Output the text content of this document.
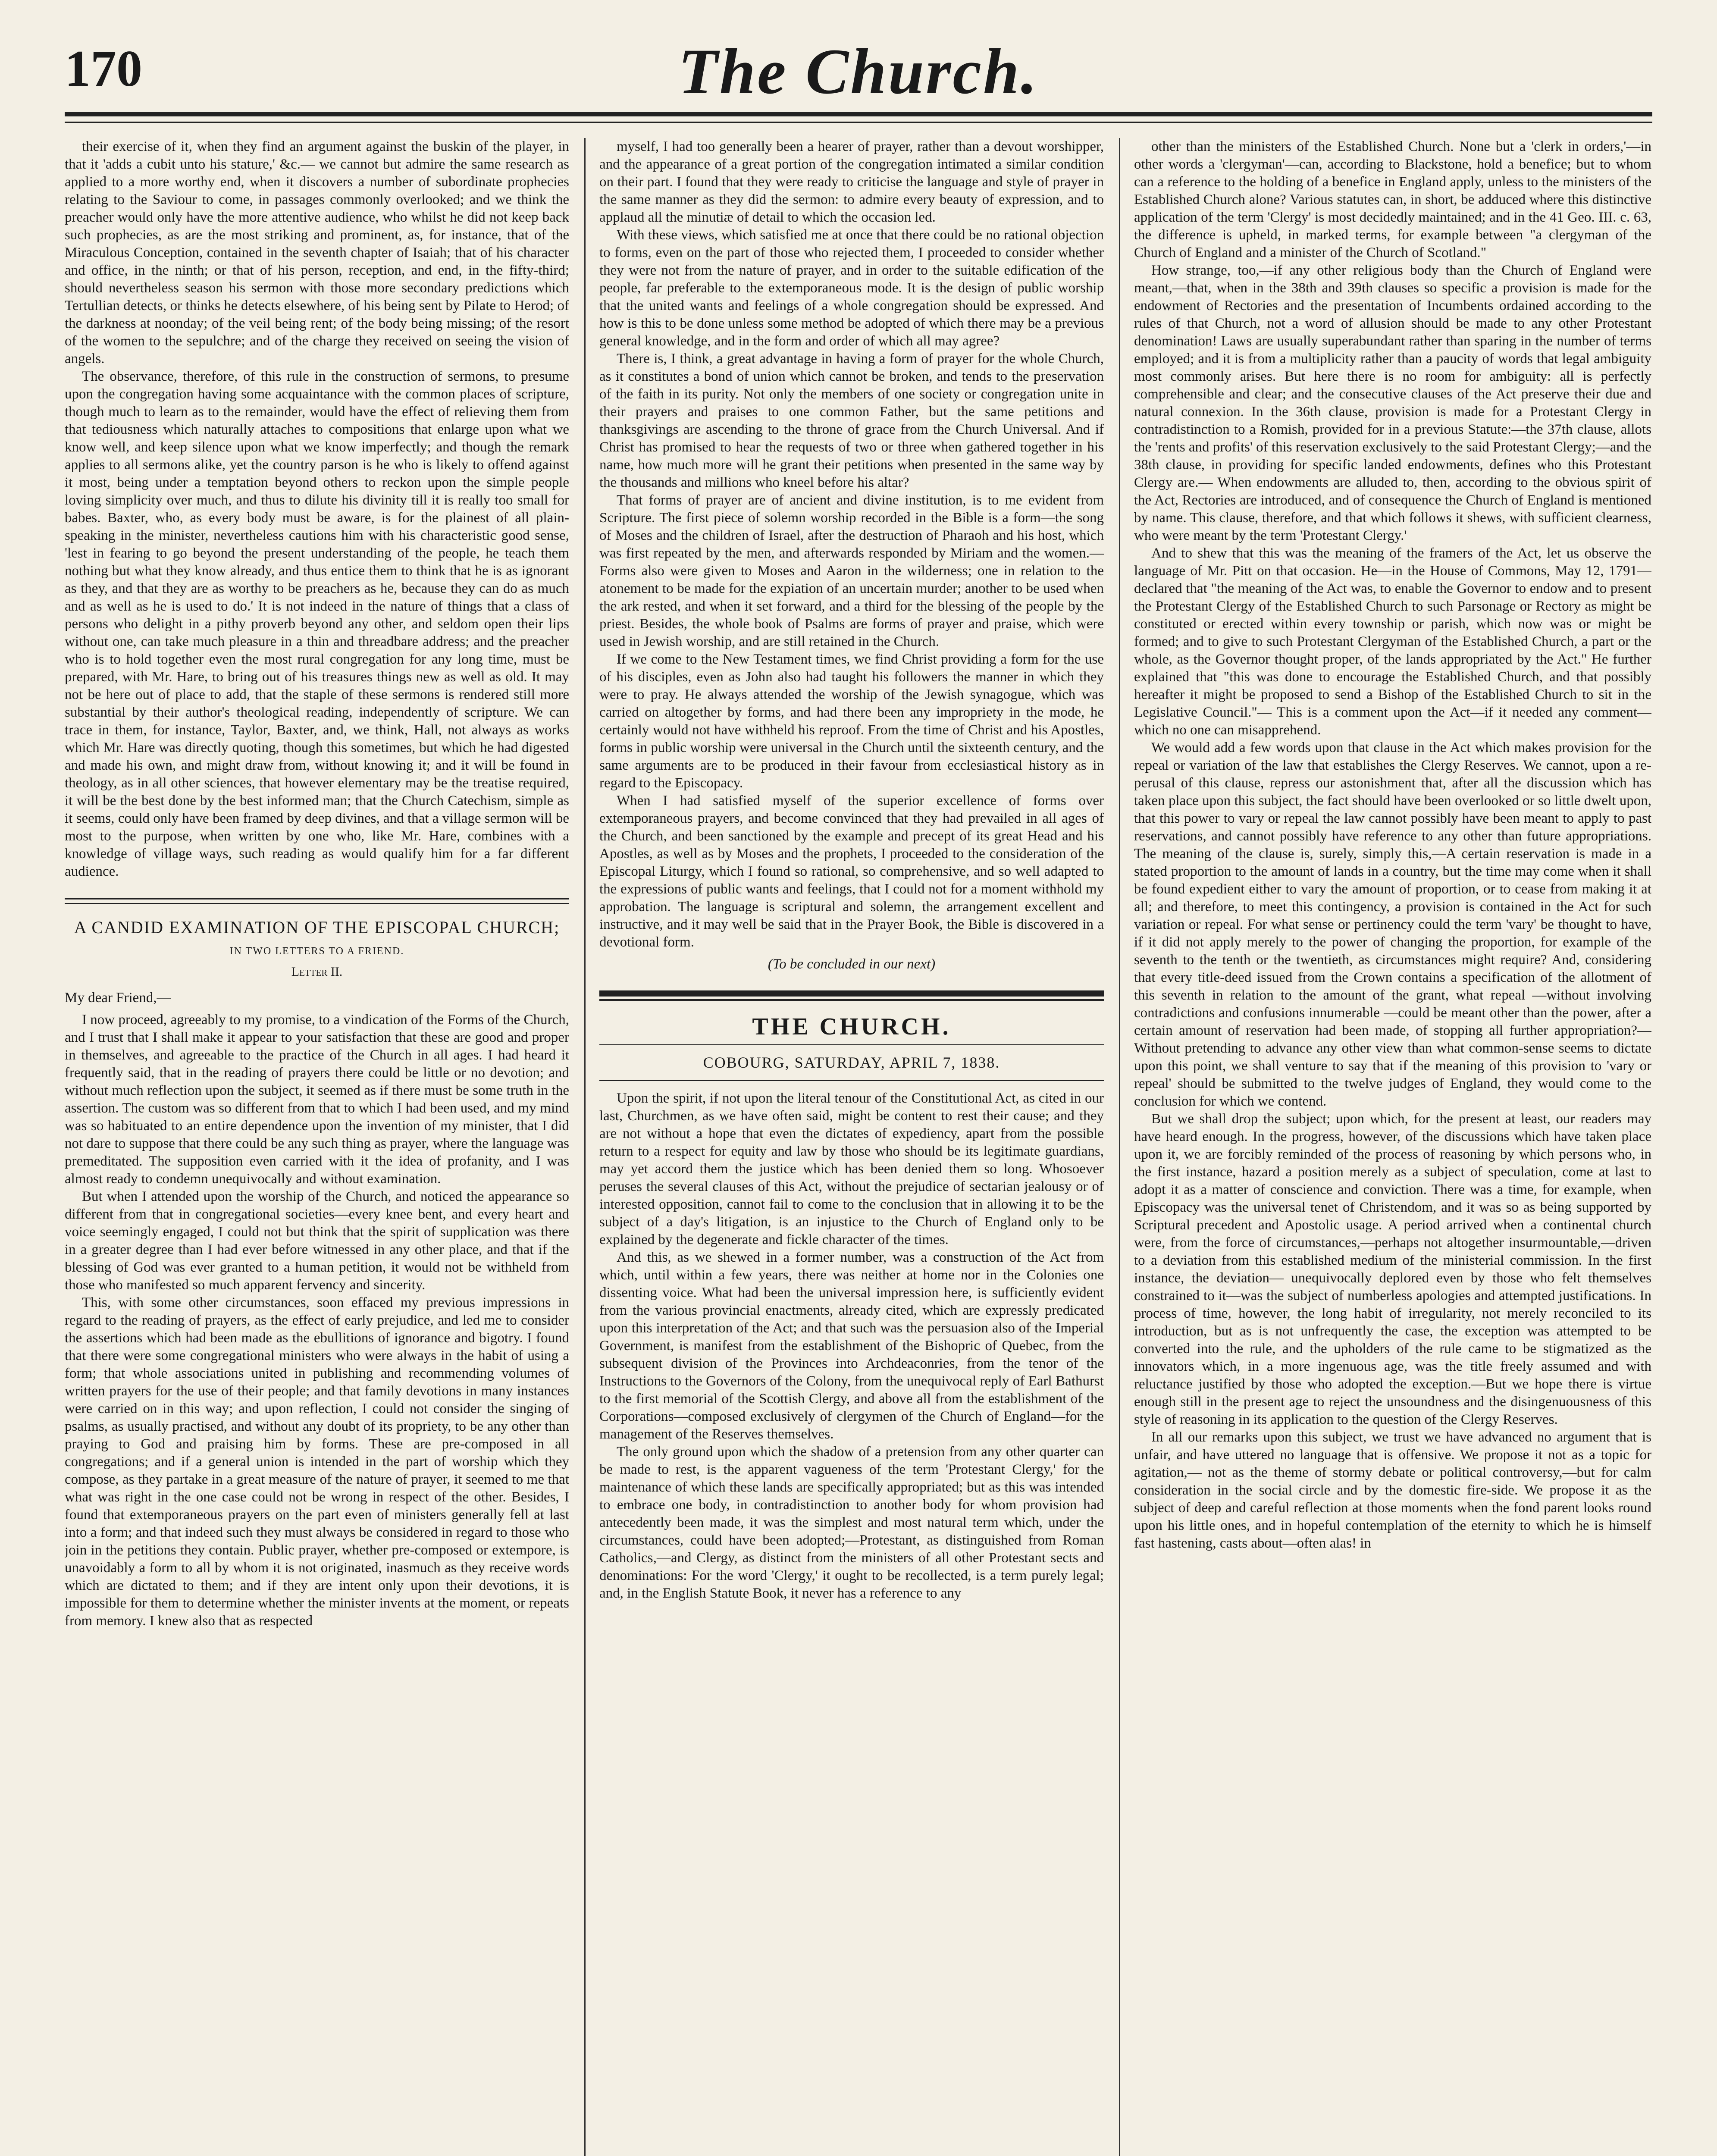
170	The Church.

their exercise of it, when they find an argument against the buskin of the player, in that it 'adds a cubit unto his stature,' &c.— we cannot but admire the same research as applied to a more worthy end, when it discovers a number of subordinate prophecies relating to the Saviour to come, in passages commonly overlooked; and we think the preacher would only have the more attentive audience, who whilst he did not keep back such prophecies, as are the most striking and prominent, as, for instance, that of the Miraculous Conception, contained in the seventh chapter of Isaiah; that of his character and office, in the ninth; or that of his person, reception, and end, in the fifty-third; should nevertheless season his sermon with those more secondary predictions which Tertullian detects, or thinks he detects elsewhere, of his being sent by Pilate to Herod; of the darkness at noonday; of the veil being rent; of the body being missing; of the resort of the women to the sepulchre; and of the charge they received on seeing the vision of angels.

The observance, therefore, of this rule in the construction of sermons, to presume upon the congregation having some acquaintance with the common places of scripture, though much to learn as to the remainder, would have the effect of relieving them from that tediousness which naturally attaches to compositions that enlarge upon what we know well, and keep silence upon what we know imperfectly; and though the remark applies to all sermons alike, yet the country parson is he who is likely to offend against it most, being under a temptation beyond others to reckon upon the simple people loving simplicity over much, and thus to dilute his divinity till it is really too small for babes. Baxter, who, as every body must be aware, is for the plainest of all plain-speaking in the minister, nevertheless cautions him with his characteristic good sense, 'lest in fearing to go beyond the present understanding of the people, he teach them nothing but what they know already, and thus entice them to think that he is as ignorant as they, and that they are as worthy to be preachers as he, because they can do as much and as well as he is used to do.' It is not indeed in the nature of things that a class of persons who delight in a pithy proverb beyond any other, and seldom open their lips without one, can take much pleasure in a thin and threadbare address; and the preacher who is to hold together even the most rural congregation for any long time, must be prepared, with Mr. Hare, to bring out of his treasures things new as well as old. It may not be here out of place to add, that the staple of these sermons is rendered still more substantial by their author's theological reading, independently of scripture. We can trace in them, for instance, Taylor, Baxter, and, we think, Hall, not always as works which Mr. Hare was directly quoting, though this sometimes, but which he had digested and made his own, and might draw from, without knowing it; and it will be found in theology, as in all other sciences, that however elementary may be the treatise required, it will be the best done by the best informed man; that the Church Catechism, simple as it seems, could only have been framed by deep divines, and that a village sermon will be most to the purpose, when written by one who, like Mr. Hare, combines with a knowledge of village ways, such reading as would qualify him for a far different audience.

A CANDID EXAMINATION OF THE EPISCOPAL CHURCH;
IN TWO LETTERS TO A FRIEND.
Letter II.

My dear Friend,—

I now proceed, agreeably to my promise, to a vindication of the Forms of the Church, and I trust that I shall make it appear to your satisfaction that these are good and proper in themselves, and agreeable to the practice of the Church in all ages. I had heard it frequently said, that in the reading of prayers there could be little or no devotion; and without much reflection upon the subject, it seemed as if there must be some truth in the assertion. The custom was so different from that to which I had been used, and my mind was so habituated to an entire dependence upon the invention of my minister, that I did not dare to suppose that there could be any such thing as prayer, where the language was premeditated. The supposition even carried with it the idea of profanity, and I was almost ready to condemn unequivocally and without examination.

But when I attended upon the worship of the Church, and noticed the appearance so different from that in congregational societies—every knee bent, and every heart and voice seemingly engaged, I could not but think that the spirit of supplication was there in a greater degree than I had ever before witnessed in any other place, and that if the blessing of God was ever granted to a human petition, it would not be withheld from those who manifested so much apparent fervency and sincerity.

This, with some other circumstances, soon effaced my previous impressions in regard to the reading of prayers, as the effect of early prejudice, and led me to consider the assertions which had been made as the ebullitions of ignorance and bigotry. I found that there were some congregational ministers who were always in the habit of using a form; that whole associations united in publishing and recommending volumes of written prayers for the use of their people; and that family devotions in many instances were carried on in this way; and upon reflection, I could not consider the singing of psalms, as usually practised, and without any doubt of its propriety, to be any other than praying to God and praising him by forms. These are pre-composed in all congregations; and if a general union is intended in the part of worship which they compose, as they partake in a great measure of the nature of prayer, it seemed to me that what was right in the one case could not be wrong in respect of the other. Besides, I found that extemporaneous prayers on the part even of ministers generally fell at last into a form; and that indeed such they must always be considered in regard to those who join in the petitions they contain. Public prayer, whether pre-composed or extempore, is unavoidably a form to all by whom it is not originated, inasmuch as they receive words which are dictated to them; and if they are intent only upon their devotions, it is impossible for them to determine whether the minister invents at the moment, or repeats from memory. I knew also that as respected

myself, I had too generally been a hearer of prayer, rather than a devout worshipper, and the appearance of a great portion of the congregation intimated a similar condition on their part. I found that they were ready to criticise the language and style of prayer in the same manner as they did the sermon: to admire every beauty of expression, and to applaud all the minutiæ of detail to which the occasion led.

With these views, which satisfied me at once that there could be no rational objection to forms, even on the part of those who rejected them, I proceeded to consider whether they were not from the nature of prayer, and in order to the suitable edification of the people, far preferable to the extemporaneous mode. It is the design of public worship that the united wants and feelings of a whole congregation should be expressed. And how is this to be done unless some method be adopted of which there may be a previous general knowledge, and in the form and order of which all may agree?

There is, I think, a great advantage in having a form of prayer for the whole Church, as it constitutes a bond of union which cannot be broken, and tends to the preservation of the faith in its purity. Not only the members of one society or congregation unite in their prayers and praises to one common Father, but the same petitions and thanksgivings are ascending to the throne of grace from the Church Universal. And if Christ has promised to hear the requests of two or three when gathered together in his name, how much more will he grant their petitions when presented in the same way by the thousands and millions who kneel before his altar?

That forms of prayer are of ancient and divine institution, is to me evident from Scripture. The first piece of solemn worship recorded in the Bible is a form—the song of Moses and the children of Israel, after the destruction of Pharaoh and his host, which was first repeated by the men, and afterwards responded by Miriam and the women.—Forms also were given to Moses and Aaron in the wilderness; one in relation to the atonement to be made for the expiation of an uncertain murder; another to be used when the ark rested, and when it set forward, and a third for the blessing of the people by the priest. Besides, the whole book of Psalms are forms of prayer and praise, which were used in Jewish worship, and are still retained in the Church.

If we come to the New Testament times, we find Christ providing a form for the use of his disciples, even as John also had taught his followers the manner in which they were to pray. He always attended the worship of the Jewish synagogue, which was carried on altogether by forms, and had there been any impropriety in the mode, he certainly would not have withheld his reproof. From the time of Christ and his Apostles, forms in public worship were universal in the Church until the sixteenth century, and the same arguments are to be produced in their favour from ecclesiastical history as in regard to the Episcopacy.

When I had satisfied myself of the superior excellence of forms over extemporaneous prayers, and become convinced that they had prevailed in all ages of the Church, and been sanctioned by the example and precept of its great Head and his Apostles, as well as by Moses and the prophets, I proceeded to the consideration of the Episcopal Liturgy, which I found so rational, so comprehensive, and so well adapted to the expressions of public wants and feelings, that I could not for a moment withhold my approbation. The language is scriptural and solemn, the arrangement excellent and instructive, and it may well be said that in the Prayer Book, the Bible is discovered in a devotional form.

(To be concluded in our next)

THE CHURCH.
COBOURG, SATURDAY, APRIL 7, 1838.

Upon the spirit, if not upon the literal tenour of the Constitutional Act, as cited in our last, Churchmen, as we have often said, might be content to rest their cause; and they are not without a hope that even the dictates of expediency, apart from the possible return to a respect for equity and law by those who should be its legitimate guardians, may yet accord them the justice which has been denied them so long. Whosoever peruses the several clauses of this Act, without the prejudice of sectarian jealousy or of interested opposition, cannot fail to come to the conclusion that in allowing it to be the subject of a day's litigation, is an injustice to the Church of England only to be explained by the degenerate and fickle character of the times.

And this, as we shewed in a former number, was a construction of the Act from which, until within a few years, there was neither at home nor in the Colonies one dissenting voice. What had been the universal impression here, is sufficiently evident from the various provincial enactments, already cited, which are expressly predicated upon this interpretation of the Act; and that such was the persuasion also of the Imperial Government, is manifest from the establishment of the Bishopric of Quebec, from the subsequent division of the Provinces into Archdeaconries, from the tenor of the Instructions to the Governors of the Colony, from the unequivocal reply of Earl Bathurst to the first memorial of the Scottish Clergy, and above all from the establishment of the Corporations—composed exclusively of clergymen of the Church of England—for the management of the Reserves themselves.

The only ground upon which the shadow of a pretension from any other quarter can be made to rest, is the apparent vagueness of the term 'Protestant Clergy,' for the maintenance of which these lands are specifically appropriated; but as this was intended to embrace one body, in contradistinction to another body for whom provision had antecedently been made, it was the simplest and most natural term which, under the circumstances, could have been adopted;—Protestant, as distinguished from Roman Catholics,—and Clergy, as distinct from the ministers of all other Protestant sects and denominations: For the word 'Clergy,' it ought to be recollected, is a term purely legal; and, in the English Statute Book, it never has a reference to any

other than the ministers of the Established Church. None but a 'clerk in orders,'—in other words a 'clergyman'—can, according to Blackstone, hold a benefice; but to whom can a reference to the holding of a benefice in England apply, unless to the ministers of the Established Church alone? Various statutes can, in short, be adduced where this distinctive application of the term 'Clergy' is most decidedly maintained; and in the 41 Geo. III. c. 63, the difference is upheld, in marked terms, for example between "a clergyman of the Church of England and a minister of the Church of Scotland."

How strange, too,—if any other religious body than the Church of England were meant,—that, when in the 38th and 39th clauses so specific a provision is made for the endowment of Rectories and the presentation of Incumbents ordained according to the rules of that Church, not a word of allusion should be made to any other Protestant denomination! Laws are usually superabundant rather than sparing in the number of terms employed; and it is from a multiplicity rather than a paucity of words that legal ambiguity most commonly arises. But here there is no room for ambiguity: all is perfectly comprehensible and clear; and the consecutive clauses of the Act preserve their due and natural connexion. In the 36th clause, provision is made for a Protestant Clergy in contradistinction to a Romish, provided for in a previous Statute:—the 37th clause, allots the 'rents and profits' of this reservation exclusively to the said Protestant Clergy;—and the 38th clause, in providing for specific landed endowments, defines who this Protestant Clergy are.— When endowments are alluded to, then, according to the obvious spirit of the Act, Rectories are introduced, and of consequence the Church of England is mentioned by name. This clause, therefore, and that which follows it shews, with sufficient clearness, who were meant by the term 'Protestant Clergy.'

And to shew that this was the meaning of the framers of the Act, let us observe the language of Mr. Pitt on that occasion. He—in the House of Commons, May 12, 1791—declared that "the meaning of the Act was, to enable the Governor to endow and to present the Protestant Clergy of the Established Church to such Parsonage or Rectory as might be constituted or erected within every township or parish, which now was or might be formed; and to give to such Protestant Clergyman of the Established Church, a part or the whole, as the Governor thought proper, of the lands appropriated by the Act." He further explained that "this was done to encourage the Established Church, and that possibly hereafter it might be proposed to send a Bishop of the Established Church to sit in the Legislative Council."— This is a comment upon the Act—if it needed any comment— which no one can misapprehend.

We would add a few words upon that clause in the Act which makes provision for the repeal or variation of the law that establishes the Clergy Reserves. We cannot, upon a re-perusal of this clause, repress our astonishment that, after all the discussion which has taken place upon this subject, the fact should have been overlooked or so little dwelt upon, that this power to vary or repeal the law cannot possibly have been meant to apply to past reservations, and cannot possibly have reference to any other than future appropriations. The meaning of the clause is, surely, simply this,—A certain reservation is made in a stated proportion to the amount of lands in a country, but the time may come when it shall be found expedient either to vary the amount of proportion, or to cease from making it at all; and therefore, to meet this contingency, a provision is contained in the Act for such variation or repeal. For what sense or pertinency could the term 'vary' be thought to have, if it did not apply merely to the power of changing the proportion, for example of the seventh to the tenth or the twentieth, as circumstances might require? And, considering that every title-deed issued from the Crown contains a specification of the allotment of this seventh in relation to the amount of the grant, what repeal —without involving contradictions and confusions innumerable —could be meant other than the power, after a certain amount of reservation had been made, of stopping all further appropriation?—Without pretending to advance any other view than what common-sense seems to dictate upon this point, we shall venture to say that if the meaning of this provision to 'vary or repeal' should be submitted to the twelve judges of England, they would come to the conclusion for which we contend.

But we shall drop the subject; upon which, for the present at least, our readers may have heard enough. In the progress, however, of the discussions which have taken place upon it, we are forcibly reminded of the process of reasoning by which persons who, in the first instance, hazard a position merely as a subject of speculation, come at last to adopt it as a matter of conscience and conviction. There was a time, for example, when Episcopacy was the universal tenet of Christendom, and it was so as being supported by Scriptural precedent and Apostolic usage. A period arrived when a continental church were, from the force of circumstances,—perhaps not altogether insurmountable,—driven to a deviation from this established medium of the ministerial commission. In the first instance, the deviation— unequivocally deplored even by those who felt themselves constrained to it—was the subject of numberless apologies and attempted justifications. In process of time, however, the long habit of irregularity, not merely reconciled to its introduction, but as is not unfrequently the case, the exception was attempted to be converted into the rule, and the upholders of the rule came to be stigmatized as the innovators which, in a more ingenuous age, was the title freely assumed and with reluctance justified by those who adopted the exception.—But we hope there is virtue enough still in the present age to reject the unsoundness and the disingenuousness of this style of reasoning in its application to the question of the Clergy Reserves.

In all our remarks upon this subject, we trust we have advanced no argument that is unfair, and have uttered no language that is offensive. We propose it not as a topic for agitation,— not as the theme of stormy debate or political controversy,—but for calm consideration in the social circle and by the domestic fire-side. We propose it as the subject of deep and careful reflection at those moments when the fond parent looks round upon his little ones, and in hopeful contemplation of the eternity to which he is himself fast hastening, casts about—often alas! in
